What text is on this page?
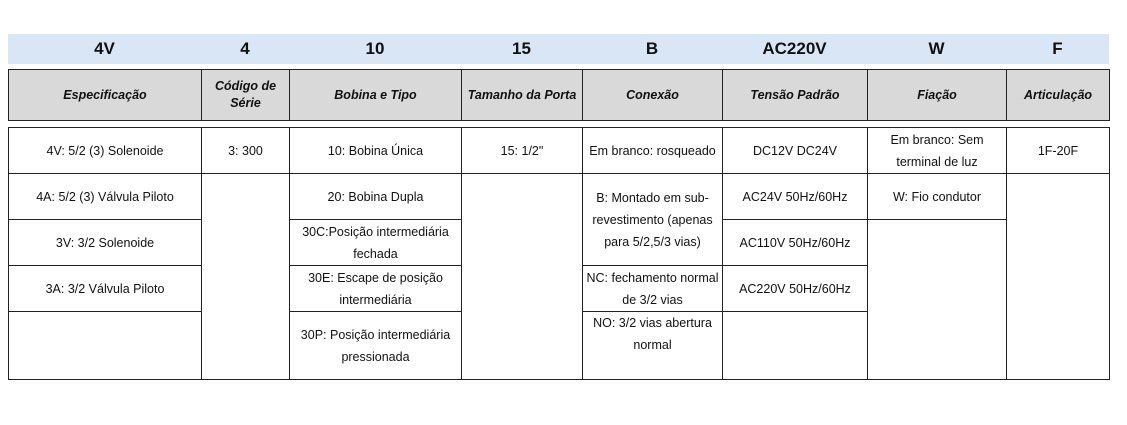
4V	4	10	15	B	AC220V	W	F
Especificação	Código de Série	Bobina e Tipo	Tamanho da Porta	Conexão	Tensão Padrão	Fiação	Articulação
4V: 5/2 (3) Solenoide	3: 300	10: Bobina Única	15: 1/2"	Em branco: rosqueado	DC12V DC24V	Em branco: Sem terminal de luz	1F-20F
4A: 5/2 (3) Válvula Piloto		20: Bobina Dupla		B: Montado em sub-revestimento (apenas para 5/2,5/3 vias)	AC24V 50Hz/60Hz	W: Fio condutor	
3V: 3/2 Solenoide		30C:Posição intermediária fechada			AC110V 50Hz/60Hz		
3A: 3/2 Válvula Piloto		30E: Escape de posição intermediária		NC: fechamento normal de 3/2 vias	AC220V 50Hz/60Hz		
		30P: Posição intermediária pressionada		NO: 3/2 vias abertura normal			
